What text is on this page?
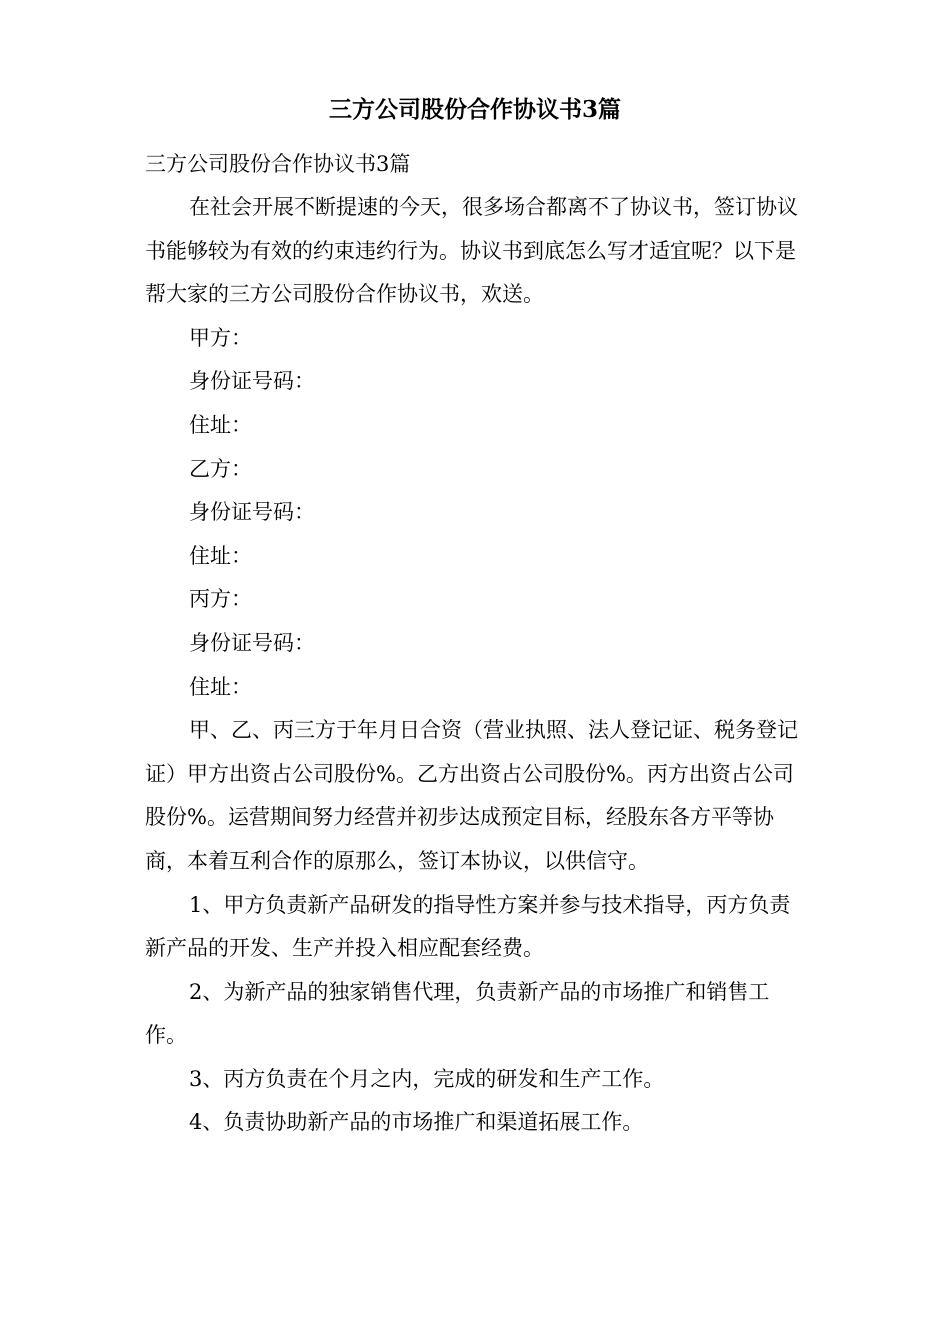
三方公司股份合作协议书3篇
三方公司股份合作协议书3篇

在社会开展不断提速的今天，很多场合都离不了协议书，签订协议书能够较为有效的约束违约行为。协议书到底怎么写才适宜呢？以下是帮大家的三方公司股份合作协议书，欢送。

甲方：

身份证号码：

住址：

乙方：

身份证号码：

住址：

丙方：

身份证号码：

住址：

甲、乙、丙三方于年月日合资（营业执照、法人登记证、税务登记证）甲方出资占公司股份%。乙方出资占公司股份%。丙方出资占公司股份%。运营期间努力经营并初步达成预定目标，经股东各方平等协商，本着互利合作的原那么，签订本协议，以供信守。

1、甲方负责新产品研发的指导性方案并参与技术指导，丙方负责新产品的开发、生产并投入相应配套经费。

2、为新产品的独家销售代理，负责新产品的市场推广和销售工作。

3、丙方负责在个月之内，完成的研发和生产工作。

4、负责协助新产品的市场推广和渠道拓展工作。
